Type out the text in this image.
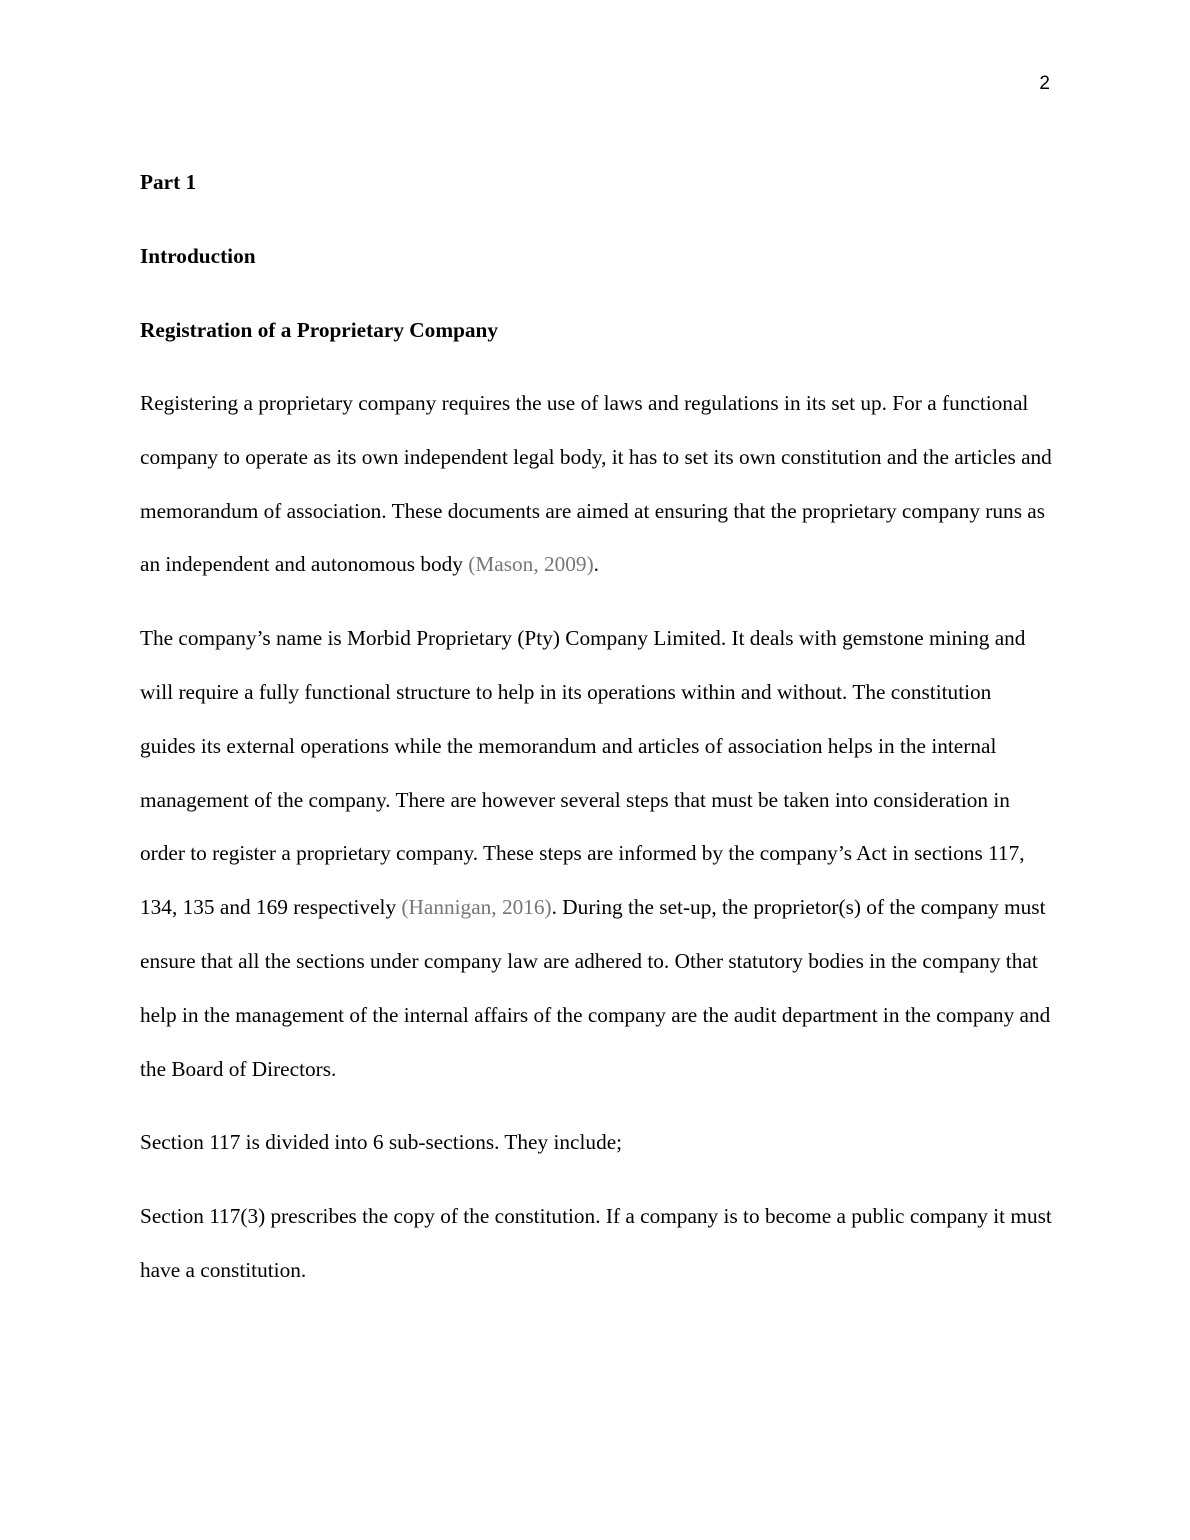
2
Part 1
Introduction
Registration of a Proprietary Company

Registering a proprietary company requires the use of laws and regulations in its set up. For a functional company to operate as its own independent legal body, it has to set its own constitution and the articles and memorandum of association. These documents are aimed at ensuring that the proprietary company runs as an independent and autonomous body (Mason, 2009).

The company’s name is Morbid Proprietary (Pty) Company Limited. It deals with gemstone mining and will require a fully functional structure to help in its operations within and without. The constitution guides its external operations while the memorandum and articles of association helps in the internal management of the company. There are however several steps that must be taken into consideration in order to register a proprietary company. These steps are informed by the company’s Act in sections 117, 134, 135 and 169 respectively (Hannigan, 2016). During the set-up, the proprietor(s) of the company must ensure that all the sections under company law are adhered to. Other statutory bodies in the company that help in the management of the internal affairs of the company are the audit department in the company and the Board of Directors.

Section 117 is divided into 6 sub-sections. They include;

Section 117(3) prescribes the copy of the constitution. If a company is to become a public company it must have a constitution.
